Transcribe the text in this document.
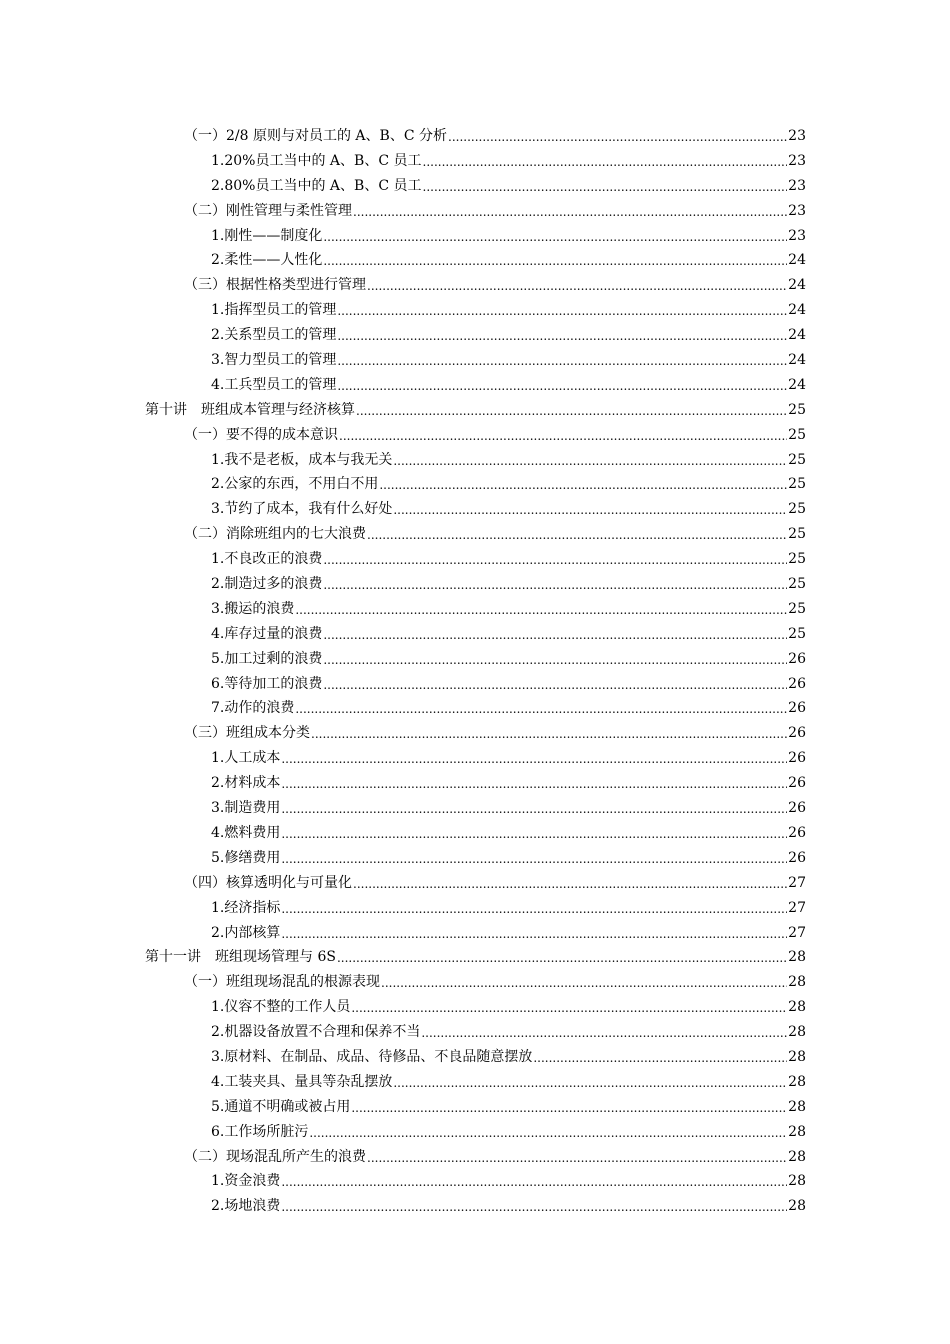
（一）2/8 原则与对员工的 A、B、C 分析 .....	23
1.20%员工当中的 A、B、C 员工 .....	23
2.80%员工当中的 A、B、C 员工 .....	23
（二）刚性管理与柔性管理 .....	23
1.刚性——制度化 .....	23
2.柔性——人性化 .....	24
（三）根据性格类型进行管理 .....	24
1.指挥型员工的管理 .....	24
2.关系型员工的管理 .....	24
3.智力型员工的管理 .....	24
4.工兵型员工的管理 .....	24
第十讲　班组成本管理与经济核算 .....	25
（一）要不得的成本意识 .....	25
1.我不是老板，成本与我无关 .....	25
2.公家的东西，不用白不用 .....	25
3.节约了成本，我有什么好处 .....	25
（二）消除班组内的七大浪费 .....	25
1.不良改正的浪费 .....	25
2.制造过多的浪费 .....	25
3.搬运的浪费 .....	25
4.库存过量的浪费 .....	25
5.加工过剩的浪费 .....	26
6.等待加工的浪费 .....	26
7.动作的浪费 .....	26
（三）班组成本分类 .....	26
1.人工成本 .....	26
2.材料成本 .....	26
3.制造费用 .....	26
4.燃料费用 .....	26
5.修缮费用 .....	26
（四）核算透明化与可量化 .....	27
1.经济指标 .....	27
2.内部核算 .....	27
第十一讲　班组现场管理与 6S .....	28
（一）班组现场混乱的根源表现 .....	28
1.仪容不整的工作人员 .....	28
2.机器设备放置不合理和保养不当 .....	28
3.原材料、在制品、成品、待修品、不良品随意摆放 .....	28
4.工装夹具、量具等杂乱摆放 .....	28
5.通道不明确或被占用 .....	28
6.工作场所脏污 .....	28
（二）现场混乱所产生的浪费 .....	28
1.资金浪费 .....	28
2.场地浪费 .....	28
